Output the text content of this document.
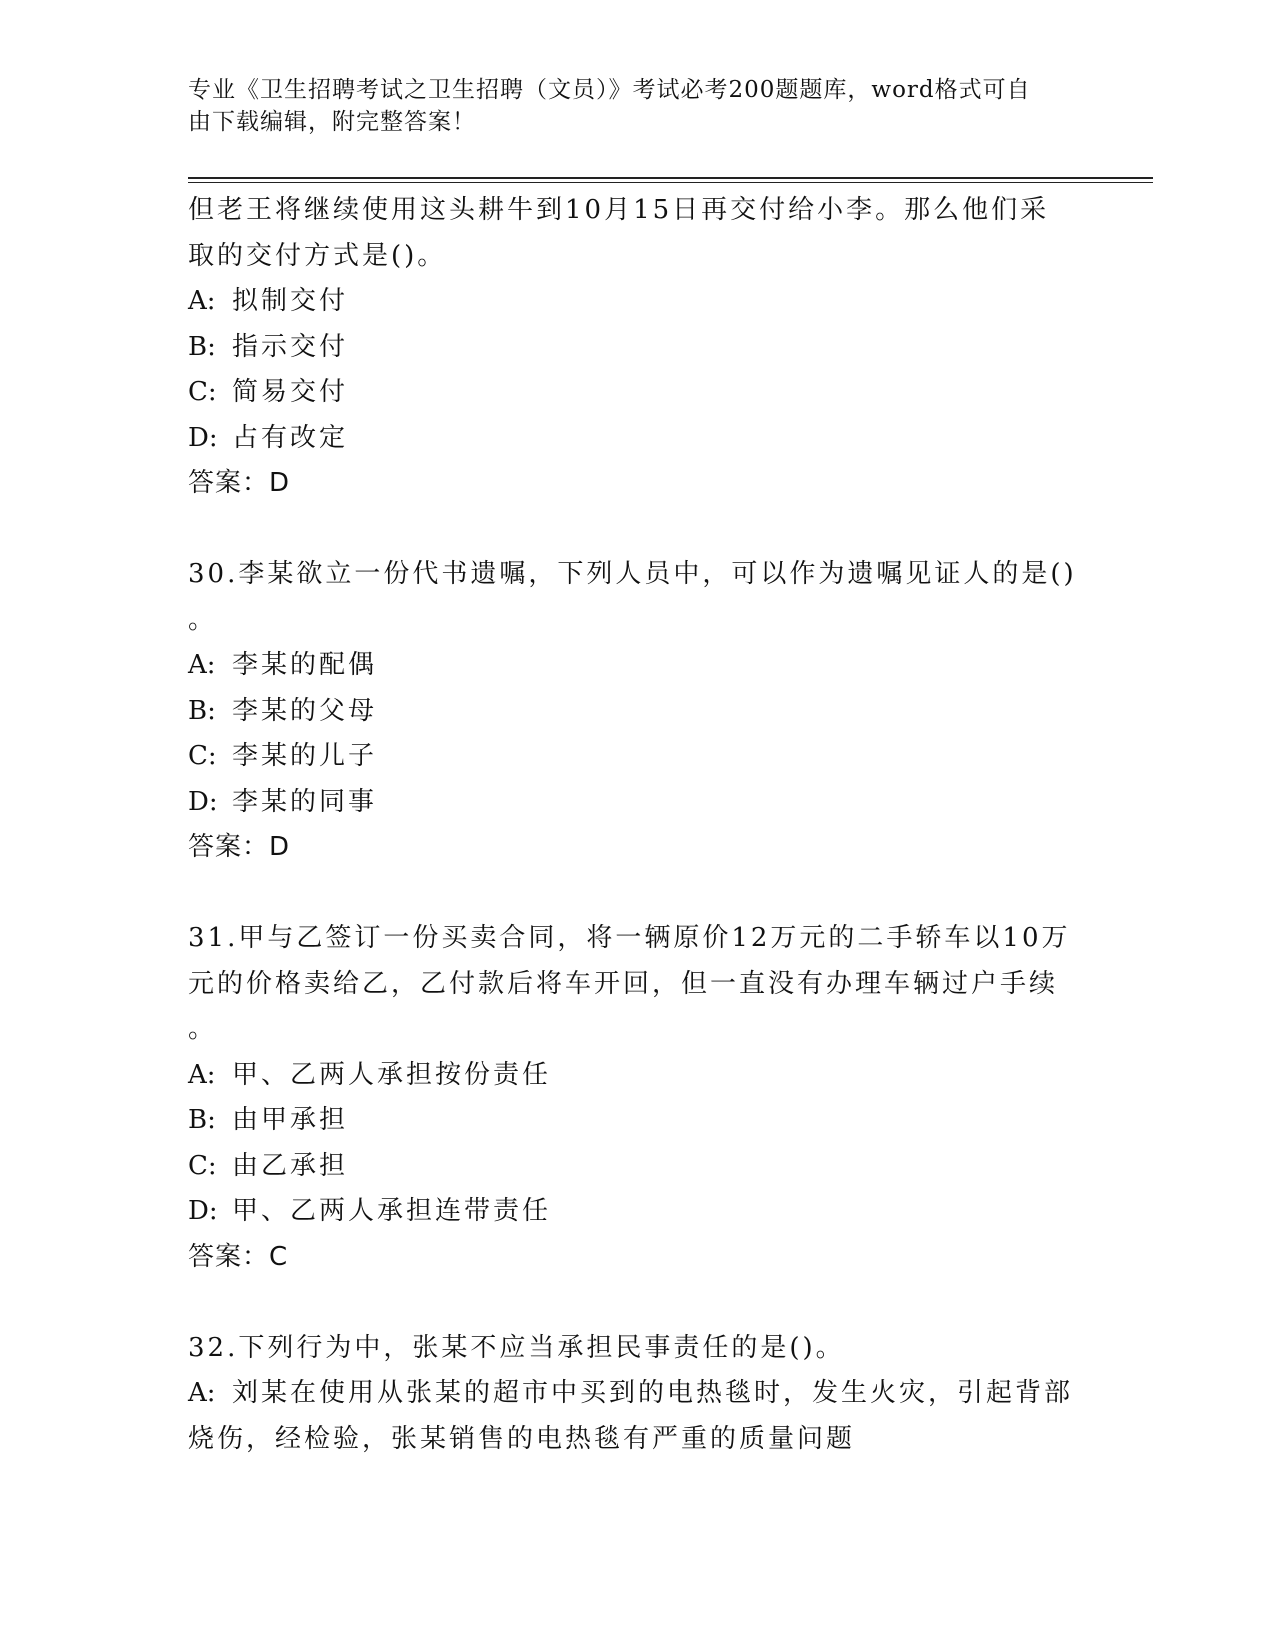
专业《卫生招聘考试之卫生招聘（文员）》考试必考200题题库，word格式可自
由下载编辑，附完整答案！
但老王将继续使用这头耕牛到10月15日再交付给小李。那么他们采
取的交付方式是()。
A: 拟制交付
B: 指示交付
C: 简易交付
D: 占有改定
答案：D
30.李某欲立一份代书遗嘱，下列人员中，可以作为遗嘱见证人的是()
。
A: 李某的配偶
B: 李某的父母
C: 李某的儿子
D: 李某的同事
答案：D
31.甲与乙签订一份买卖合同，将一辆原价12万元的二手轿车以10万
元的价格卖给乙，乙付款后将车开回，但一直没有办理车辆过户手续
。
A: 甲、乙两人承担按份责任
B: 由甲承担
C: 由乙承担
D: 甲、乙两人承担连带责任
答案：C
32.下列行为中，张某不应当承担民事责任的是()。
A: 刘某在使用从张某的超市中买到的电热毯时，发生火灾，引起背部
烧伤，经检验，张某销售的电热毯有严重的质量问题
